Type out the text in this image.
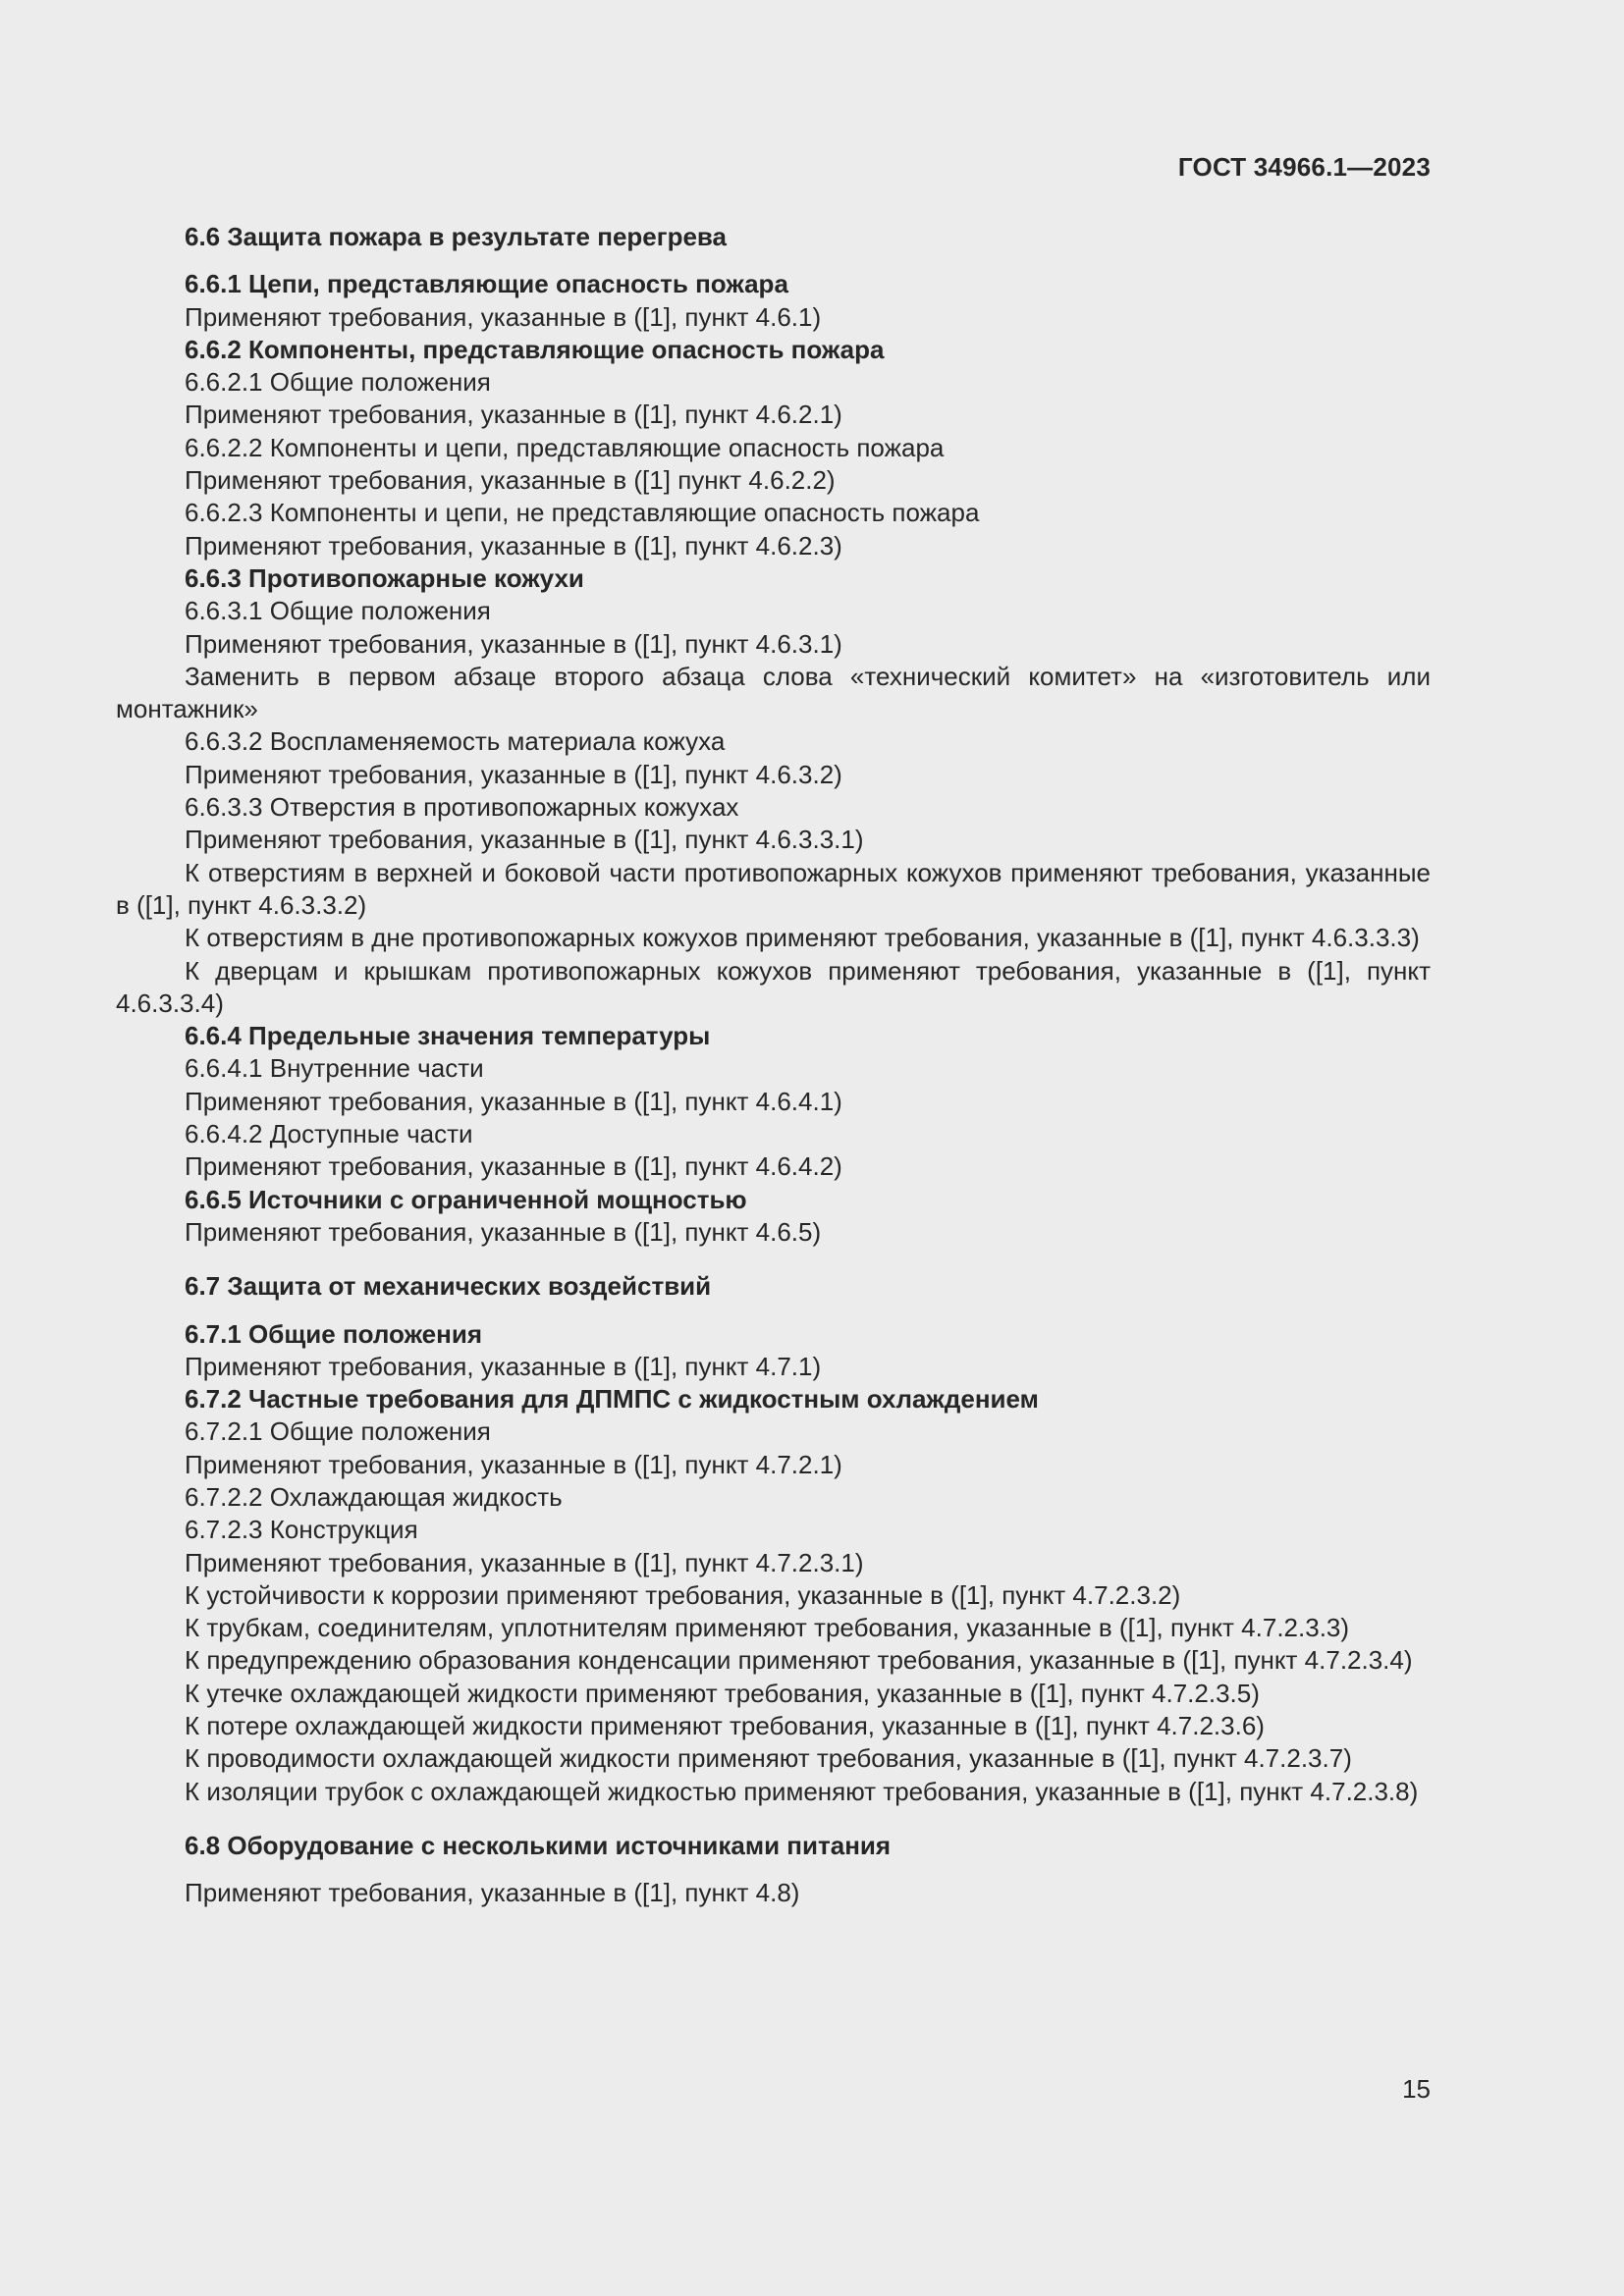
ГОСТ 34966.1—2023

6.6 Защита пожара в результате перегрева

6.6.1 Цепи, представляющие опасность пожара

Применяют требования, указанные в ([1], пункт 4.6.1)

6.6.2 Компоненты, представляющие опасность пожара

6.6.2.1 Общие положения

Применяют требования, указанные в ([1], пункт 4.6.2.1)

6.6.2.2 Компоненты и цепи, представляющие опасность пожара

Применяют требования, указанные в ([1] пункт 4.6.2.2)

6.6.2.3 Компоненты и цепи, не представляющие опасность пожара

Применяют требования, указанные в ([1], пункт 4.6.2.3)

6.6.3 Противопожарные кожухи

6.6.3.1 Общие положения

Применяют требования, указанные в ([1], пункт 4.6.3.1)

Заменить в первом абзаце второго абзаца слова «технический комитет» на «изготовитель или монтажник»

6.6.3.2 Воспламеняемость материала кожуха

Применяют требования, указанные в ([1], пункт 4.6.3.2)

6.6.3.3 Отверстия в противопожарных кожухах

Применяют требования, указанные в ([1], пункт 4.6.3.3.1)

К отверстиям в верхней и боковой части противопожарных кожухов применяют требования, указанные в ([1], пункт 4.6.3.3.2)

К отверстиям в дне противопожарных кожухов применяют требования, указанные в ([1], пункт 4.6.3.3.3)

К дверцам и крышкам противопожарных кожухов применяют требования, указанные в ([1], пункт 4.6.3.3.4)

6.6.4 Предельные значения температуры

6.6.4.1 Внутренние части

Применяют требования, указанные в ([1], пункт 4.6.4.1)

6.6.4.2 Доступные части

Применяют требования, указанные в ([1], пункт 4.6.4.2)

6.6.5 Источники с ограниченной мощностью

Применяют требования, указанные в ([1], пункт 4.6.5)

6.7 Защита от механических воздействий

6.7.1 Общие положения

Применяют требования, указанные в ([1], пункт 4.7.1)

6.7.2 Частные требования для ДПМПС с жидкостным охлаждением

6.7.2.1 Общие положения

Применяют требования, указанные в ([1], пункт 4.7.2.1)

6.7.2.2 Охлаждающая жидкость

6.7.2.3 Конструкция

Применяют требования, указанные в ([1], пункт 4.7.2.3.1)

К устойчивости к коррозии применяют требования, указанные в ([1], пункт 4.7.2.3.2)

К трубкам, соединителям, уплотнителям применяют требования, указанные в ([1], пункт 4.7.2.3.3)

К предупреждению образования конденсации применяют требования, указанные в ([1], пункт 4.7.2.3.4)

К утечке охлаждающей жидкости применяют требования, указанные в ([1], пункт 4.7.2.3.5)

К потере охлаждающей жидкости применяют требования, указанные в ([1], пункт 4.7.2.3.6)

К проводимости охлаждающей жидкости применяют требования, указанные в ([1], пункт 4.7.2.3.7)

К изоляции трубок с охлаждающей жидкостью применяют требования, указанные в ([1], пункт 4.7.2.3.8)

6.8 Оборудование с несколькими источниками питания

Применяют требования, указанные в ([1], пункт 4.8)

15
